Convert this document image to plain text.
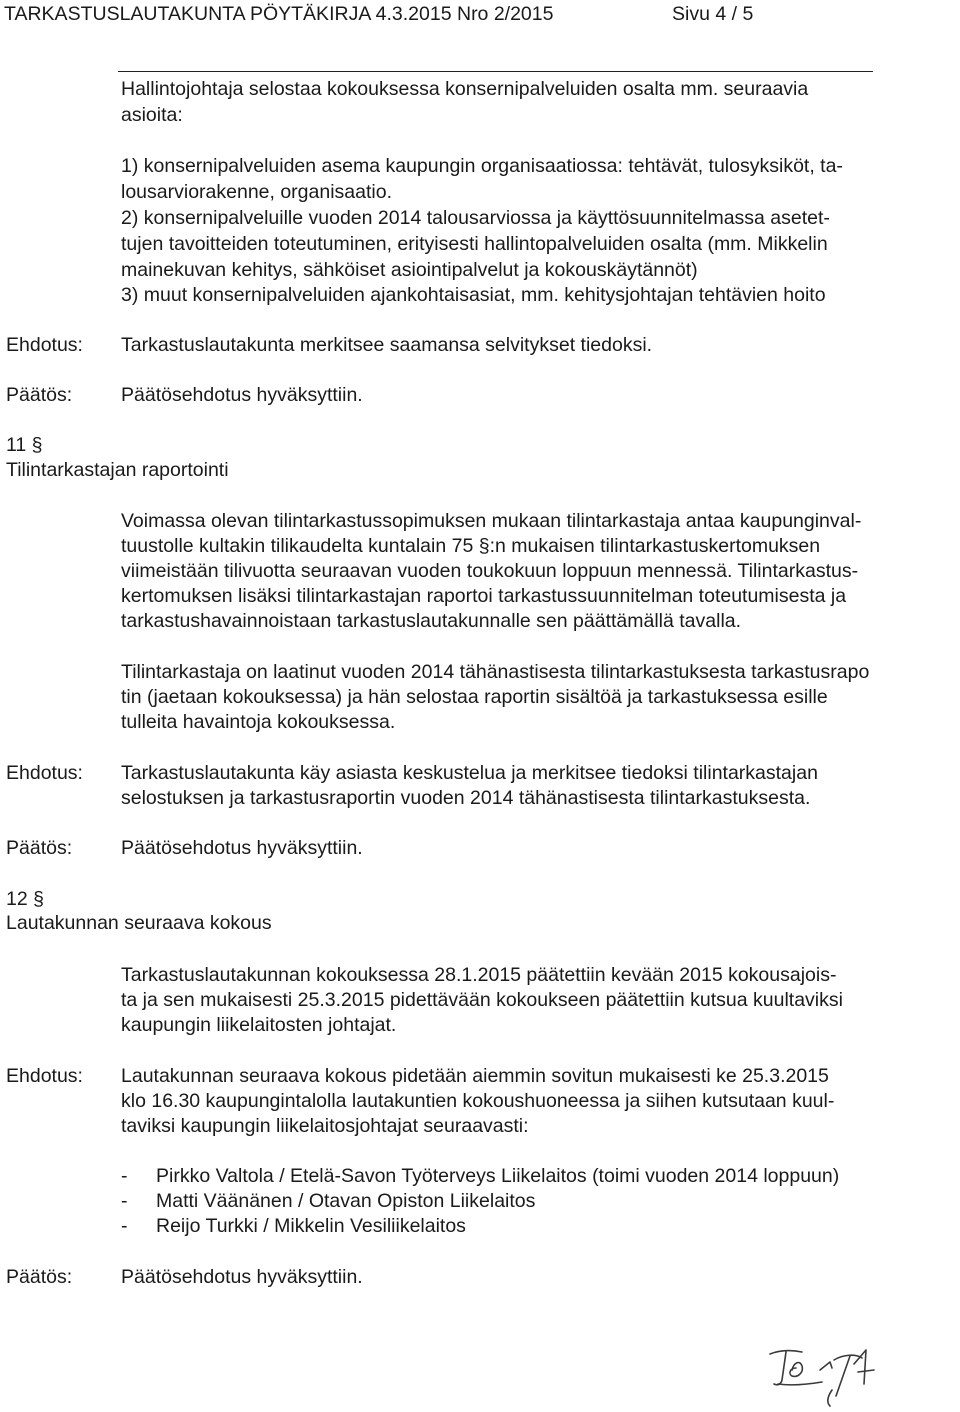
TARKASTUSLAUTAKUNTA PÖYTÄKIRJA 4.3.2015 Nro 2/2015	Sivu 4 / 5
Hallintojohtaja selostaa kokouksessa konsernipalveluiden osalta mm. seuraavia
asioita:
1) konsernipalveluiden asema kaupungin organisaatiossa: tehtävät, tulosyksiköt, ta-
lousarviorakenne, organisaatio.
2) konsernipalveluille vuoden 2014 talousarviossa ja käyttösuunnitelmassa asetet-
tujen tavoitteiden toteutuminen, erityisesti hallintopalveluiden osalta (mm. Mikkelin
mainekuvan kehitys, sähköiset asiointipalvelut ja kokouskäytännöt)
3) muut konsernipalveluiden ajankohtaisasiat, mm. kehitysjohtajan tehtävien hoito
Ehdotus: Tarkastuslautakunta merkitsee saamansa selvitykset tiedoksi.
Päätös:	Päätösehdotus hyväksyttiin.
11 §
Tilintarkastajan raportointi
Voimassa olevan tilintarkastussopimuksen mukaan tilintarkastaja antaa kaupunginval-
tuustolle kultakin tilikaudelta kuntalain 75 §:n mukaisen tilintarkastuskertomuksen
viimeistään tilivuotta seuraavan vuoden toukokuun loppuun mennessä. Tilintarkastus-
kertomuksen lisäksi tilintarkastajan raportoi tarkastussuunnitelman toteutumisesta ja
tarkastushavainnoistaan tarkastuslautakunnalle sen päättämällä tavalla.
Tilintarkastaja on laatinut vuoden 2014 tähänastisesta tilintarkastuksesta tarkastusrapo
tin (jaetaan kokouksessa) ja hän selostaa raportin sisältöä ja tarkastuksessa esille
tulleita havaintoja kokouksessa.
Ehdotus: Tarkastuslautakunta käy asiasta keskustelua ja merkitsee tiedoksi tilintarkastajan
selostuksen ja tarkastusraportin vuoden 2014 tähänastisesta tilintarkastuksesta.
Päätös:	Päätösehdotus hyväksyttiin.
12 §
Lautakunnan seuraava kokous
Tarkastuslautakunnan kokouksessa 28.1.2015 päätettiin kevään 2015 kokousajois-
ta ja sen mukaisesti 25.3.2015 pidettävään kokoukseen päätettiin kutsua kuultaviksi
kaupungin liikelaitosten johtajat.
Ehdotus: Lautakunnan seuraava kokous pidetään aiemmin sovitun mukaisesti ke 25.3.2015
klo 16.30 kaupungintalolla lautakuntien kokoushuoneessa ja siihen kutsutaan kuul-
taviksi kaupungin liikelaitosjohtajat seuraavasti:
- Pirkko Valtola / Etelä-Savon Työterveys Liikelaitos (toimi vuoden 2014 loppuun)
- Matti Väänänen / Otavan Opiston Liikelaitos
- Reijo Turkki / Mikkelin Vesiliikelaitos
Päätös:	Päätösehdotus hyväksyttiin.
